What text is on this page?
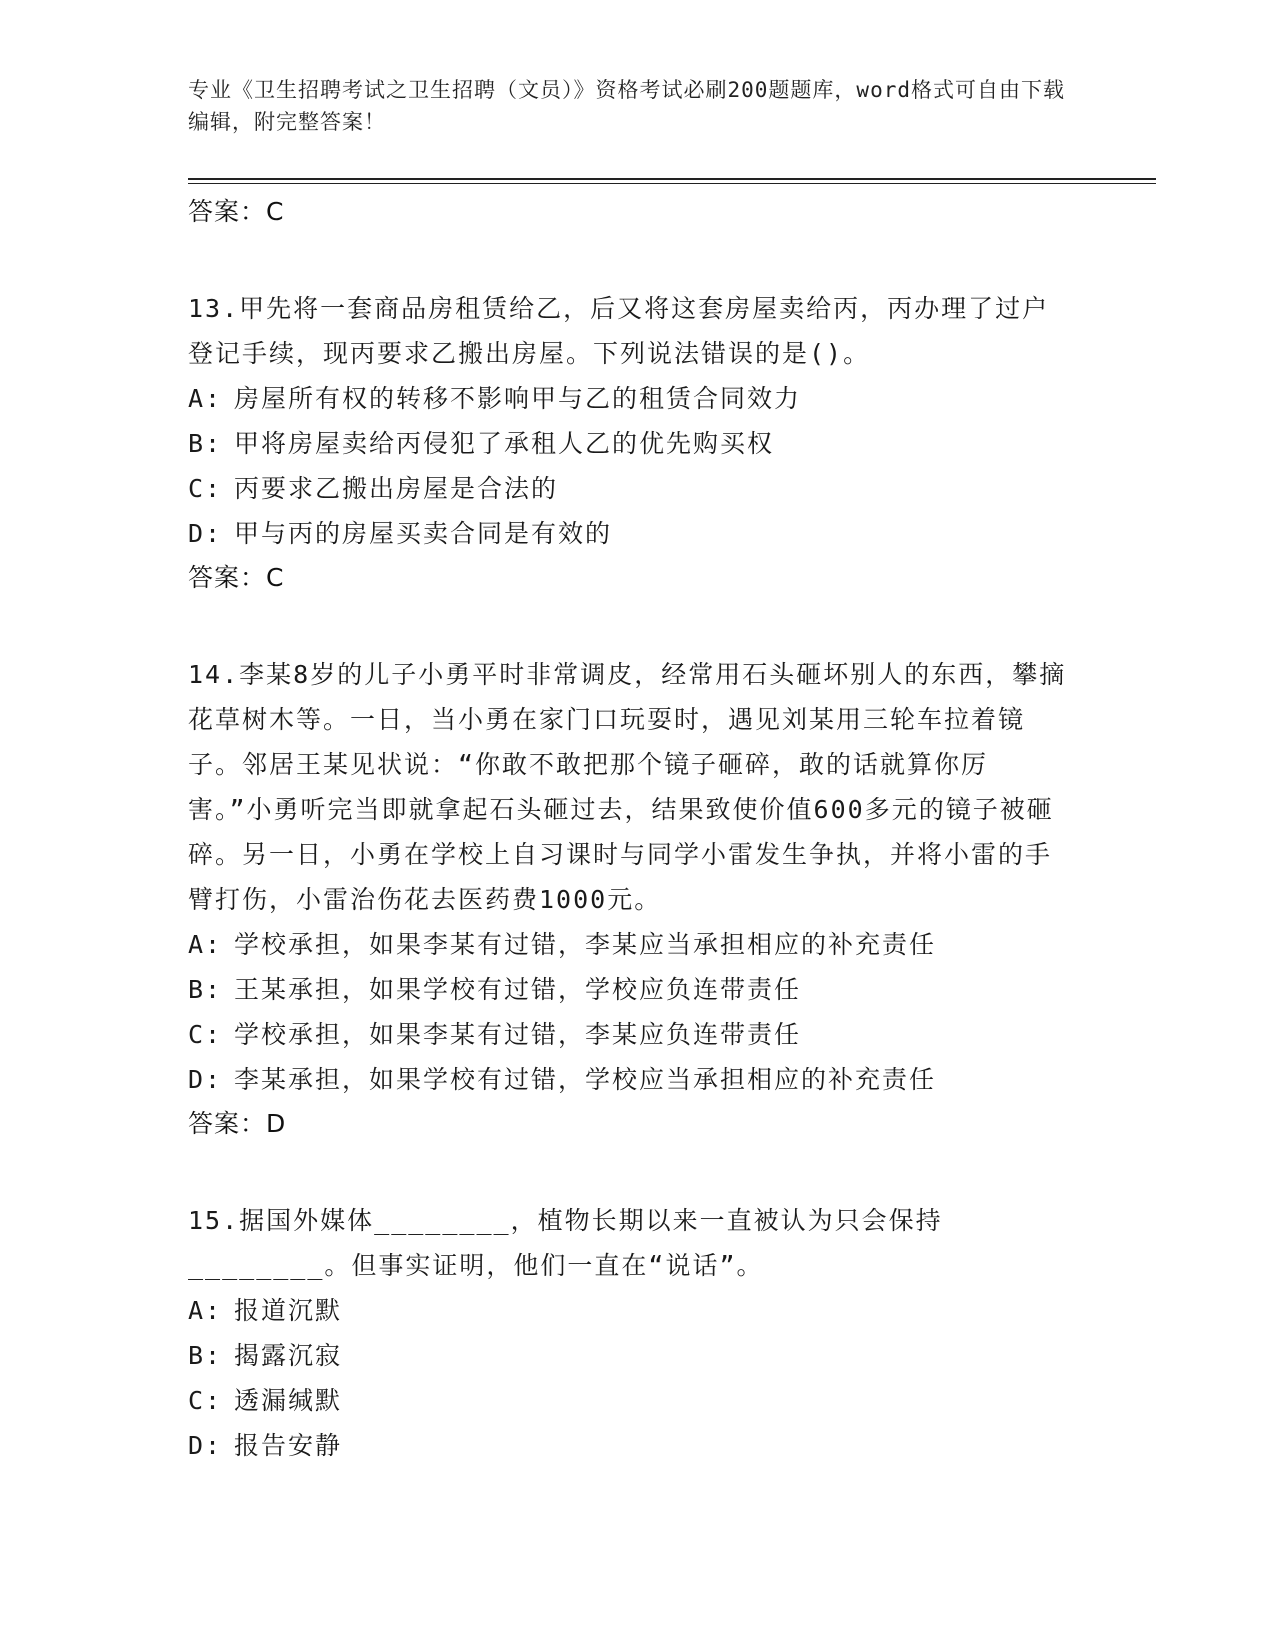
专业《卫生招聘考试之卫生招聘（文员）》资格考试必刷200题题库，word格式可自由下载编辑，附完整答案！
答案：C
13.甲先将一套商品房租赁给乙，后又将这套房屋卖给丙，丙办理了过户登记手续，现丙要求乙搬出房屋。下列说法错误的是()。
A: 房屋所有权的转移不影响甲与乙的租赁合同效力
B: 甲将房屋卖给丙侵犯了承租人乙的优先购买权
C: 丙要求乙搬出房屋是合法的
D: 甲与丙的房屋买卖合同是有效的
答案：C
14.李某8岁的儿子小勇平时非常调皮，经常用石头砸坏别人的东西，攀摘花草树木等。一日，当小勇在家门口玩耍时，遇见刘某用三轮车拉着镜子。邻居王某见状说：“你敢不敢把那个镜子砸碎，敢的话就算你厉害。”小勇听完当即就拿起石头砸过去，结果致使价值600多元的镜子被砸碎。另一日，小勇在学校上自习课时与同学小雷发生争执，并将小雷的手臂打伤，小雷治伤花去医药费1000元。
A: 学校承担，如果李某有过错，李某应当承担相应的补充责任
B: 王某承担，如果学校有过错，学校应负连带责任
C: 学校承担，如果李某有过错，李某应负连带责任
D: 李某承担，如果学校有过错，学校应当承担相应的补充责任
答案：D
15.据国外媒体________，植物长期以来一直被认为只会保持________。但事实证明，他们一直在“说话”。
A: 报道沉默
B: 揭露沉寂
C: 透漏缄默
D: 报告安静
